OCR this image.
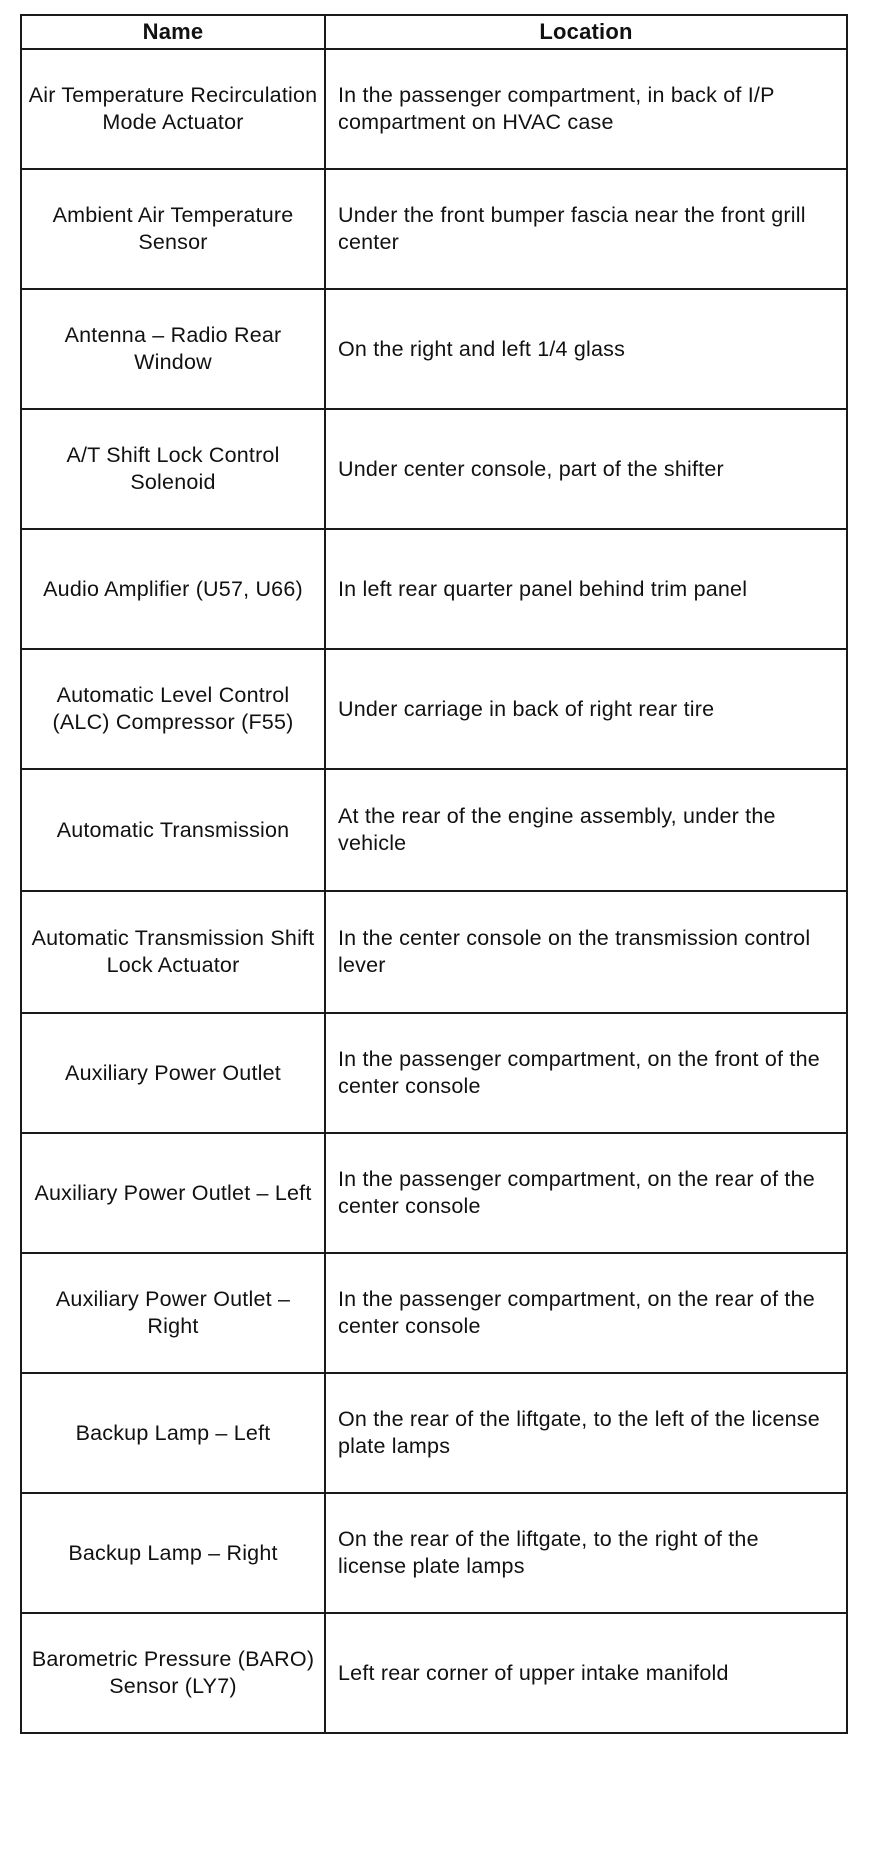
Name	Location
Air Temperature Recirculation Mode Actuator	In the passenger compartment, in back of I/P compartment on HVAC case
Ambient Air Temperature Sensor	Under the front bumper fascia near the front grill center
Antenna – Radio Rear Window	On the right and left 1/4 glass
A/T Shift Lock Control Solenoid	Under center console, part of the shifter
Audio Amplifier (U57, U66)	In left rear quarter panel behind trim panel
Automatic Level Control (ALC) Compressor (F55)	Under carriage in back of right rear tire
Automatic Transmission	At the rear of the engine assembly, under the vehicle
Automatic Transmission Shift Lock Actuator	In the center console on the transmission control lever
Auxiliary Power Outlet	In the passenger compartment, on the front of the center console
Auxiliary Power Outlet – Left	In the passenger compartment, on the rear of the center console
Auxiliary Power Outlet – Right	In the passenger compartment, on the rear of the center console
Backup Lamp – Left	On the rear of the liftgate, to the left of the license plate lamps
Backup Lamp – Right	On the rear of the liftgate, to the right of the license plate lamps
Barometric Pressure (BARO) Sensor (LY7)	Left rear corner of upper intake manifold
